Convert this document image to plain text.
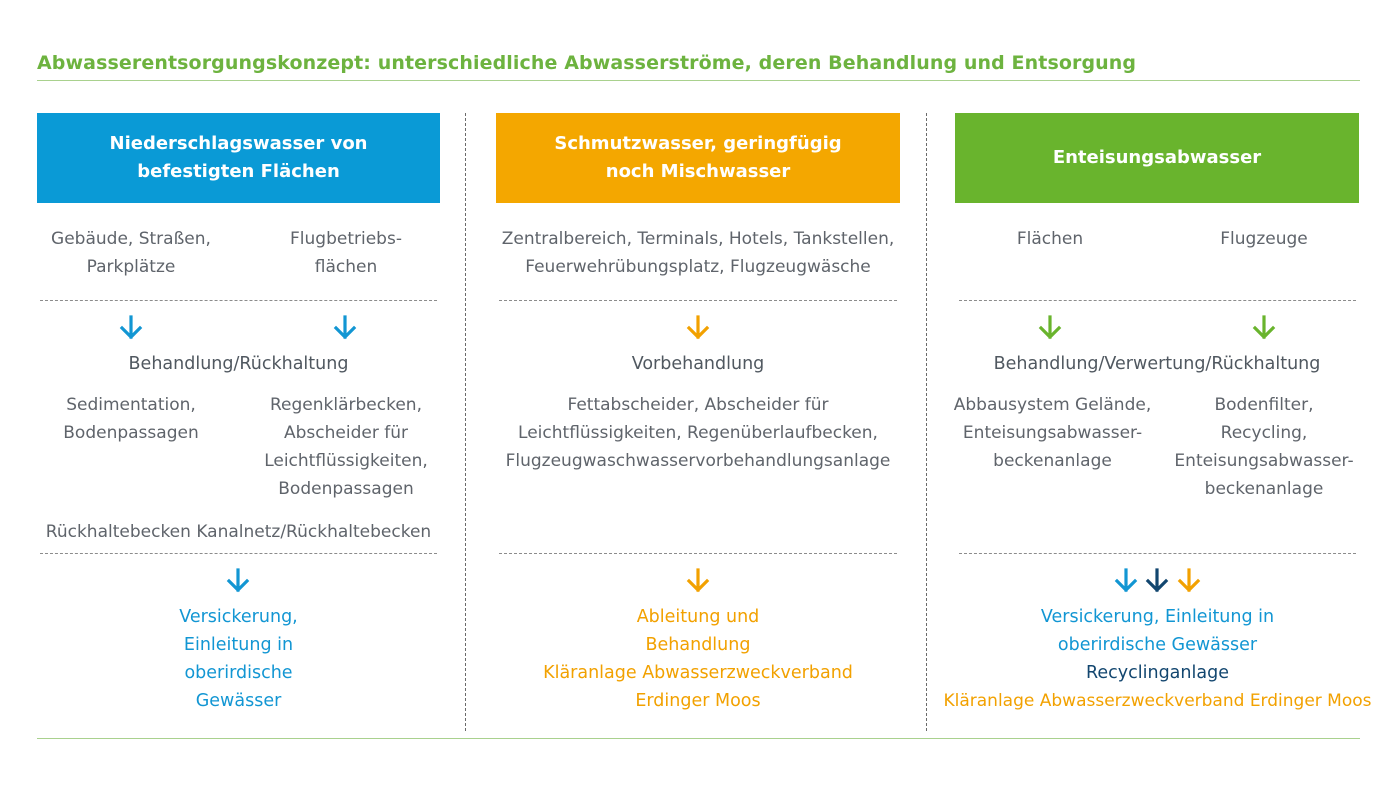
Abwasserentsorgungskonzept: unterschiedliche Abwasserströme, deren Behandlung und Entsorgung
Niederschlagswasser von
befestigten Flächen
Gebäude, Straßen,
Parkplätze
Flugbetriebs-
flächen
Behandlung/Rückhaltung
Sedimentation,
Bodenpassagen
Regenklärbecken,
Abscheider für
Leichtflüssigkeiten,
Bodenpassagen
Rückhaltebecken Kanalnetz/Rückhaltebecken
Versickerung,
Einleitung in
oberirdische
Gewässer
Schmutzwasser, geringfügig
noch Mischwasser
Zentralbereich, Terminals, Hotels, Tankstellen,
Feuerwehrübungsplatz, Flugzeugwäsche
Vorbehandlung
Fettabscheider, Abscheider für
Leichtflüssigkeiten, Regenüberlaufbecken,
Flugzeugwaschwasservorbehandlungsanlage
Ableitung und
Behandlung
Kläranlage Abwasserzweckverband
Erdinger Moos
Enteisungsabwasser
Flächen	Flugzeuge
Behandlung/Verwertung/Rückhaltung
Abbausystem Gelände,
Enteisungsabwasser-
beckenanlage
Bodenfilter,
Recycling,
Enteisungsabwasser-
beckenanlage
Versickerung, Einleitung in
oberirdische Gewässer
Recyclinganlage
Kläranlage Abwasserzweckverband Erdinger Moos
